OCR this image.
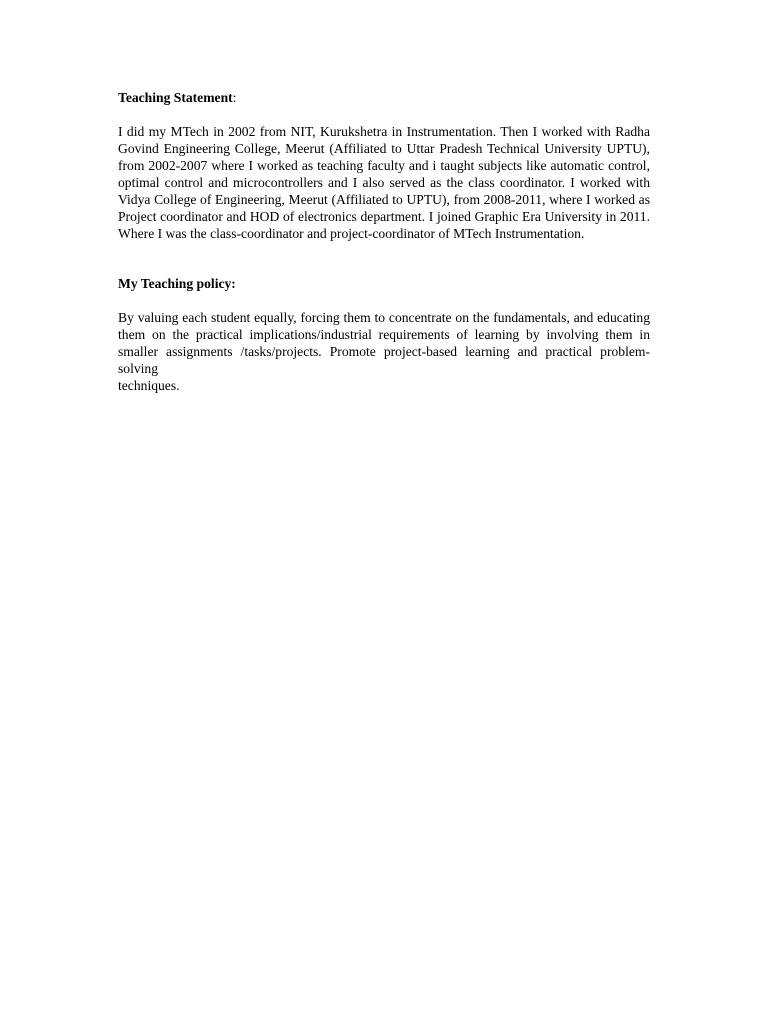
Teaching Statement:

I did my MTech in 2002 from NIT, Kurukshetra in Instrumentation. Then I worked with Radha Govind Engineering College, Meerut (Affiliated to Uttar Pradesh Technical University UPTU), from 2002-2007 where I worked as teaching faculty and i taught subjects like automatic control, optimal control and microcontrollers and I also served as the class coordinator. I worked with Vidya College of Engineering, Meerut (Affiliated to UPTU), from 2008-2011, where I worked as Project coordinator and HOD of electronics department. I joined Graphic Era University in 2011. Where I was the class-coordinator and project-coordinator of MTech Instrumentation.

My Teaching policy:

By valuing each student equally, forcing them to concentrate on the fundamentals, and educating them on the practical implications/industrial requirements of learning by involving them in smaller assignments /tasks/projects. Promote project-based learning and practical problem-solving

techniques.
